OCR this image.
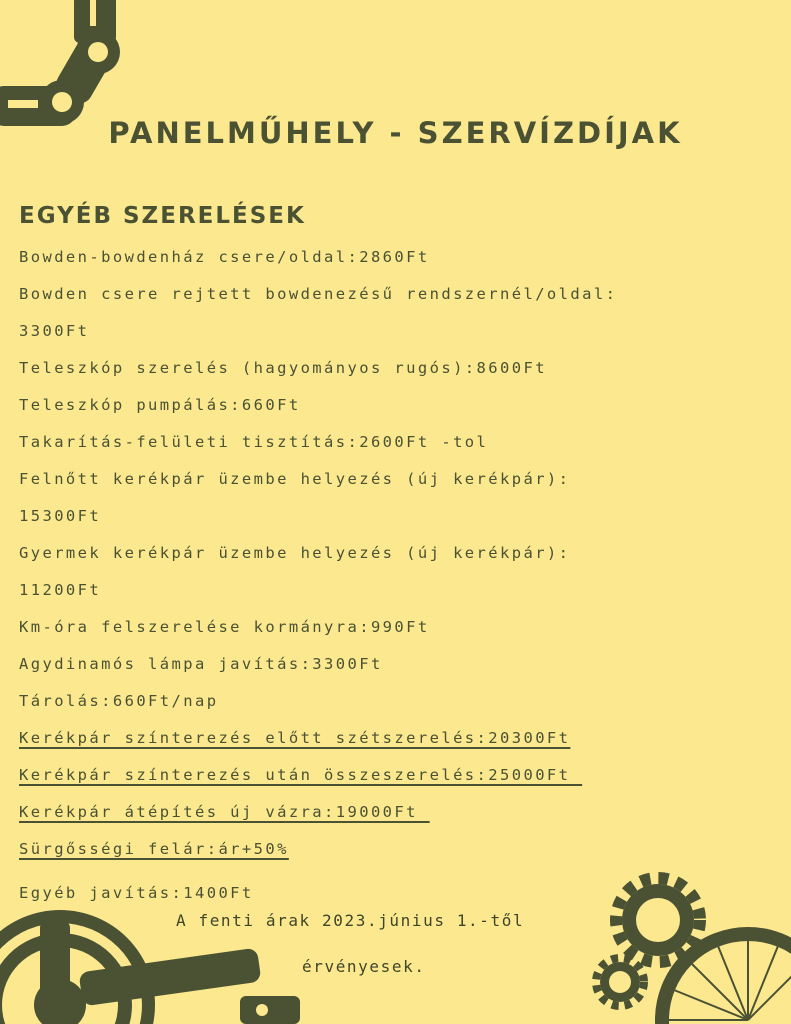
PANELMŰHELY - SZERVÍZDÍJAK
EGYÉB SZERELÉSEK
Bowden-bowdenház csere/oldal:2860Ft
Bowden csere rejtett bowdenezésű rendszernél/oldal:
3300Ft
Teleszkóp szerelés (hagyományos rugós):8600Ft
Teleszkóp pumpálás:660Ft
Takarítás-felületi tisztítás:2600Ft -tol
Felnőtt kerékpár üzembe helyezés (új kerékpár):
15300Ft
Gyermek kerékpár üzembe helyezés (új kerékpár):
11200Ft
Km-óra felszerelése kormányra:990Ft
Agydinamós lámpa javítás:3300Ft
Tárolás:660Ft/nap
Kerékpár színterezés előtt szétszerelés:20300Ft
Kerékpár színterezés után összeszerelés:25000Ft
Kerékpár átépítés új vázra:19000Ft
Sürgősségi felár:ár+50%
Egyéb javítás:1400Ft
A fenti árak 2023.június 1.-től
érvényesek.
